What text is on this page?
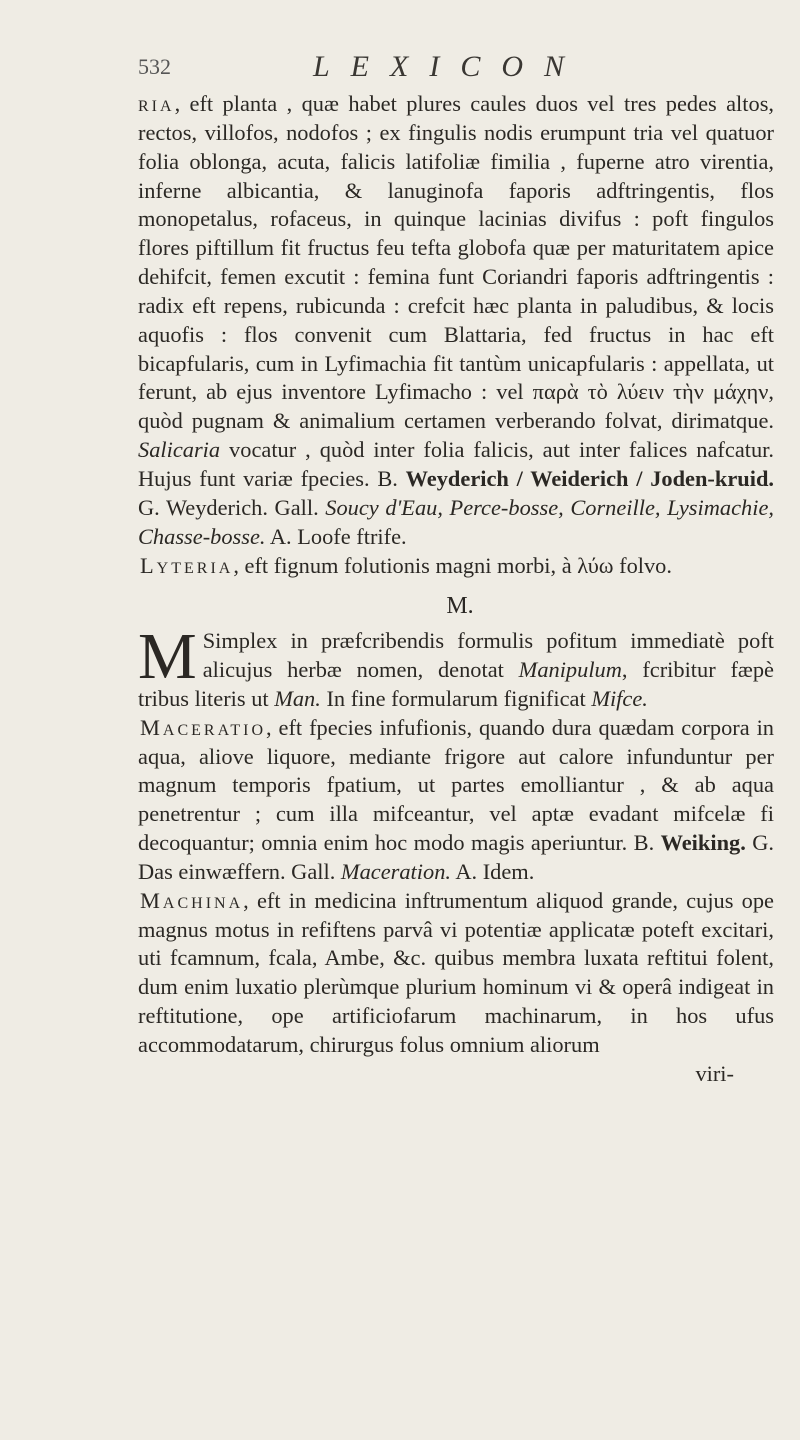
532	LEXICON

ria, eft planta , quæ habet plures caules duos vel tres pedes altos, rectos, villofos, nodofos ; ex fingulis nodis erumpunt tria vel quatuor folia oblonga, acuta, falicis latifoliæ fimilia , fuperne atro virentia, inferne albicantia, & lanuginofa faporis adftringentis, flos monopetalus, rofaceus, in quinque lacinias divifus : poft fingulos flores piftillum fit fructus feu tefta globofa quæ per maturitatem apice dehifcit, femen excutit : femina funt Coriandri faporis adftringentis : radix eft repens, rubicunda : crefcit hæc planta in paludibus, & locis aquofis : flos convenit cum Blattaria, fed fructus in hac eft bicapfularis, cum in Lyfimachia fit tantùm unicapfularis : appellata, ut ferunt, ab ejus inventore Lyfimacho : vel παρὰ τὸ λύειν τὴν μάχην, quòd pugnam & animalium certamen verberando folvat, dirimatque. Salicaria vocatur , quòd inter folia falicis, aut inter falices nafcatur. Hujus funt variæ fpecies. B. Weyderich / Weiderich / Joden-kruid. G. Weyderich. Gall. Soucy d'Eau, Perce-bosse, Corneille, Lysimachie, Chasse-bosse. A. Loofe ftrife.

Lyteria, eft fignum folutionis magni morbi, à λύω folvo.

M.

M Simplex in præfcribendis formulis pofitum immediatè poft alicujus herbæ nomen, denotat Manipulum, fcribitur fæpè tribus literis ut Man. In fine formularum fignificat Mifce.

Maceratio, eft fpecies infufionis, quando dura quædam corpora in aqua, aliove liquore, mediante frigore aut calore infunduntur per magnum temporis fpatium, ut partes emolliantur , & ab aqua penetrentur ; cum illa mifceantur, vel aptæ evadant mifcelæ fi decoquantur; omnia enim hoc modo magis aperiuntur. B. Weiking. G. Das einwæffern. Gall. Maceration. A. Idem.

Machina, eft in medicina inftrumentum aliquod grande, cujus ope magnus motus in refiftens parvâ vi potentiæ applicatæ poteft excitari, uti fcamnum, fcala, Ambe, &c. quibus membra luxata reftitui folent, dum enim luxatio plerùmque plurium hominum vi & operâ indigeat in reftitutione, ope artificiofarum machinarum, in hos ufus accommodatarum, chirurgus folus omnium aliorum

viri-
